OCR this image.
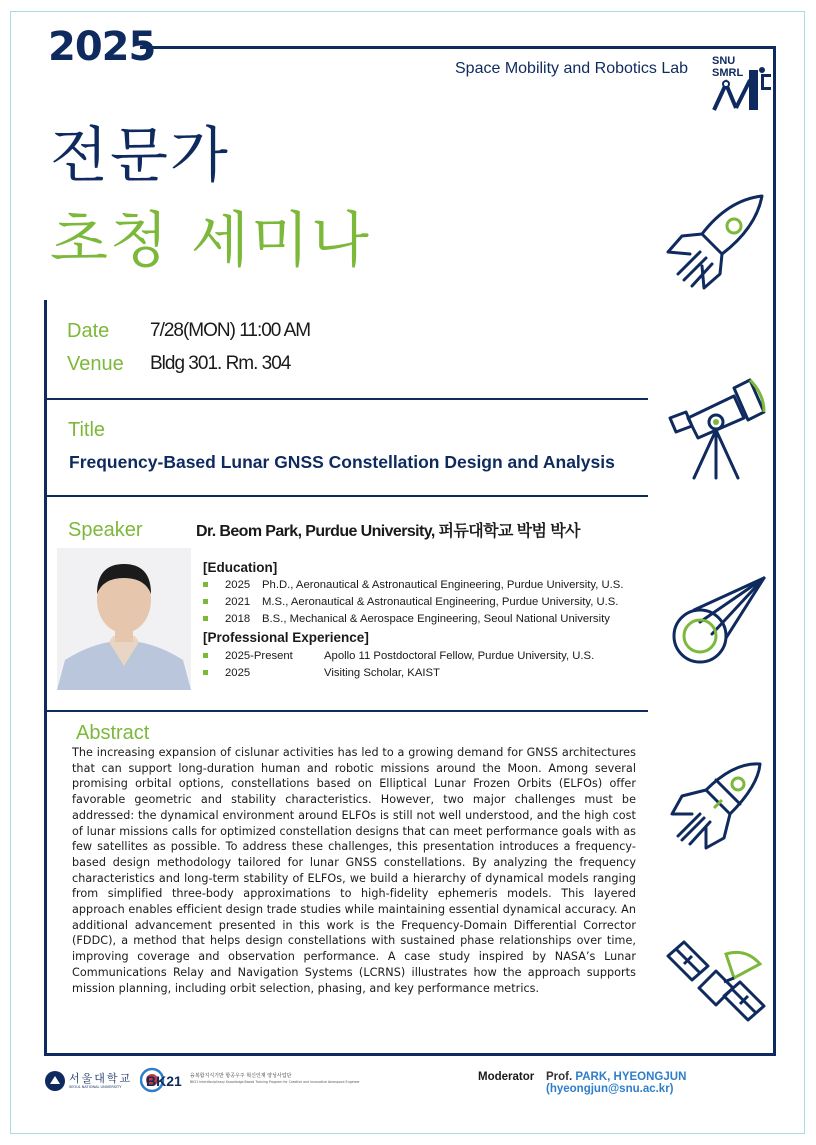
2025	Space Mobility and Robotics Lab SNU
SMRL
전문가
초청 세미나
Date 7/28(MON) 11:00 AM
Venue Bldg 301. Rm. 304
Title
Frequency-Based Lunar GNSS Constellation Design and Analysis
Speaker	Dr. Beom Park, Purdue University, 퍼듀대학교 박범 박사
[Education]
2025 Ph.D., Aeronautical & Astronautical Engineering, Purdue University, U.S.
2021 M.S., Aeronautical & Astronautical Engineering, Purdue University, U.S.
2018 B.S., Mechanical & Aerospace Engineering, Seoul National University
[Professional Experience]
2025-Present	Apollo 11 Postdoctoral Fellow, Purdue University, U.S.
2025	Visiting Scholar, KAIST
Abstract
The increasing expansion of cislunar activities has led to a growing demand for GNSS architectures that can support long-duration human and robotic missions around the Moon. Among several promising orbital options, constellations based on Elliptical Lunar Frozen Orbits (ELFOs) offer favorable geometric and stability characteristics. However, two major challenges must be addressed: the dynamical environment around ELFOs is still not well understood, and the high cost of lunar missions calls for optimized constellation designs that can meet performance goals with as few satellites as possible. To address these challenges, this presentation introduces a frequency-based design methodology tailored for lunar GNSS constellations. By analyzing the frequency characteristics and long-term stability of ELFOs, we build a hierarchy of dynamical models ranging from simplified three-body approximations to high-fidelity ephemeris models. This layered approach enables efficient design trade studies while maintaining essential dynamical accuracy. An additional advancement presented in this work is the Frequency-Domain Differential Corrector (FDDC), a method that helps design constellations with sustained phase relationships over time, improving coverage and observation performance. A case study inspired by NASA’s Lunar Communications Relay and Navigation Systems (LCRNS) illustrates how the approach supports mission planning, including orbit selection, phasing, and key performance metrics.
서울대학교
SEOUL NATIONAL UNIVERSITY BK21 융복합지식기반 항공우주 혁신인재 양성사업단
BK21 Interdisciplinary Knowledge-Based Training Program for Creative and Innovative Aerospace Engineer	Moderator Prof. PARK, HYEONGJUN (hyeongjun@snu.ac.kr)
